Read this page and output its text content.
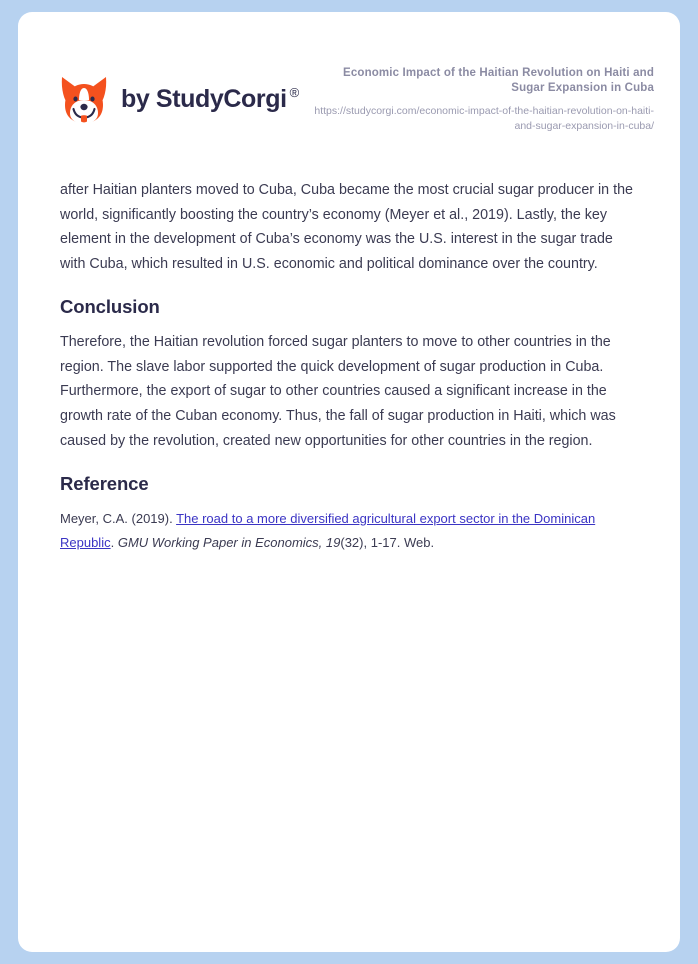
by StudyCorgi ®
Economic Impact of the Haitian Revolution on Haiti and Sugar Expansion in Cuba
https://studycorgi.com/economic-impact-of-the-haitian-revolution-on-haiti-and-sugar-expansion-in-cuba/

after Haitian planters moved to Cuba, Cuba became the most crucial sugar producer in the world, significantly boosting the country’s economy (Meyer et al., 2019). Lastly, the key element in the development of Cuba’s economy was the U.S. interest in the sugar trade with Cuba, which resulted in U.S. economic and political dominance over the country.

Conclusion

Therefore, the Haitian revolution forced sugar planters to move to other countries in the region. The slave labor supported the quick development of sugar production in Cuba. Furthermore, the export of sugar to other countries caused a significant increase in the growth rate of the Cuban economy. Thus, the fall of sugar production in Haiti, which was caused by the revolution, created new opportunities for other countries in the region.

Reference

Meyer, C.A. (2019). The road to a more diversified agricultural export sector in the Dominican Republic. GMU Working Paper in Economics, 19(32), 1-17. Web.
